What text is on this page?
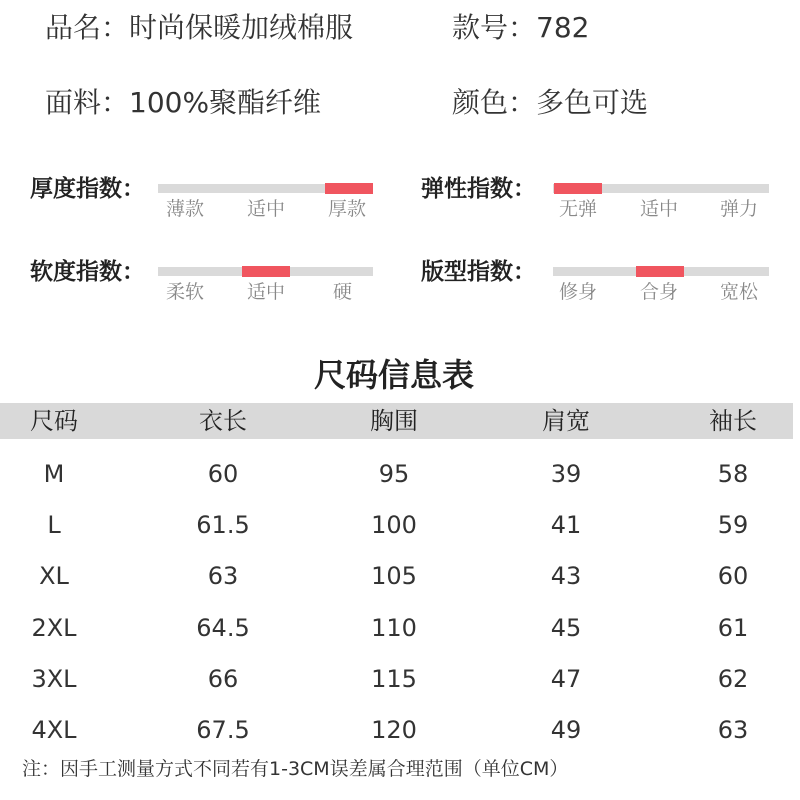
品名：时尚保暖加绒棉服	款号：782
面料：100%聚酯纤维	颜色：多色可选
厚度指数：
薄款 适中 厚款
弹性指数：
无弹 适中 弹力
软度指数：
柔软 适中	硬
版型指数：
修身 合身 宽松
尺码信息表
尺码	衣长	胸围	肩宽	袖长
M	60	95	39	58
L	61.5	100	41	59
XL	63	105	43	60
2XL	64.5	110	45	61
3XL	66	115	47	62
4XL	67.5	120	49	63
注：因手工测量方式不同若有1-3CM误差属合理范围（单位CM）
